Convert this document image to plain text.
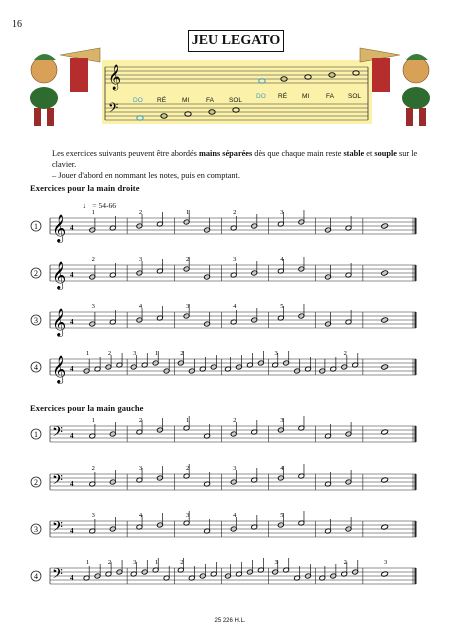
16
JEU LEGATO
𝄞
𝄢
DO RÉ MI	FA SOL
DO RÉ MI	FA SOL
Les exercices suivants peuvent être abordés mains séparées dès que chaque main reste stable et souple sur le clavier.
– Jouer d'abord en nommant les notes, puis en comptant.
Exercices pour la main droite
♩ = 54-66
Exercices pour la main gauche
25 226 H.L.
1 𝄞 4
1	2	1	2	3
2 𝄞 4
2	3	2	3	4
3 𝄞 4
3	4	3	4	5
4 𝄞 4
1	2	3	1	2	3	2
1 𝄢 4
1	2	1	2	3
2 𝄢 4
2	3	2	3	4
3 𝄢 4
3	4	3	4	5
4 𝄢 4
1	2	3	1	2	3	2	3
